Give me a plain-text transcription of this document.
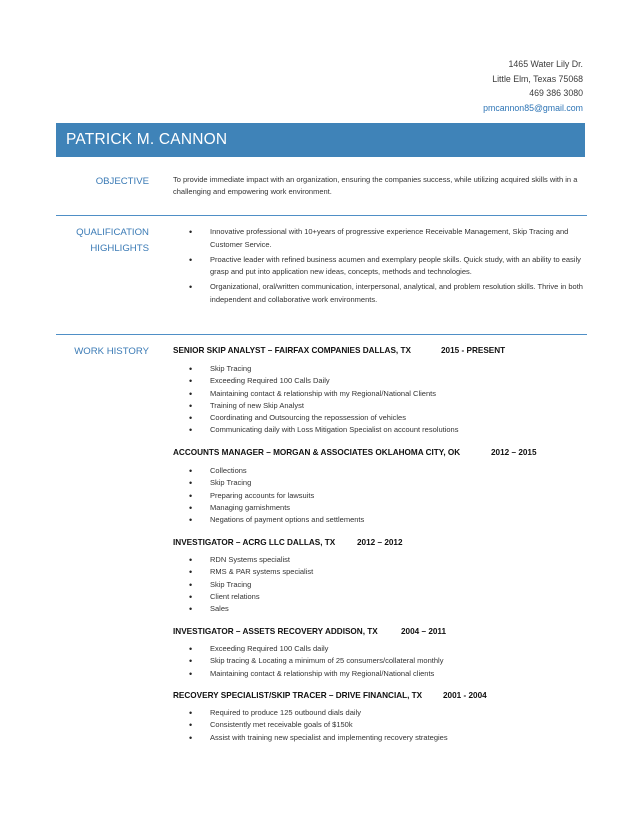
1465 Water Lily Dr.
Little Elm, Texas 75068
469 386 3080
pmcannon85@gmail.com
PATRICK M. CANNON
OBJECTIVE	To provide immediate impact with an organization, ensuring the companies success, while utilizing acquired skills with in a challenging and empowering work environment.
QUALIFICATION
HIGHLIGHTS
• Innovative professional with 10+years of progressive experience Receivable Management, Skip Tracing and Customer Service.
• Proactive leader with refined business acumen and exemplary people skills. Quick study, with an ability to easily grasp and put into application new ideas, concepts, methods and technologies.
• Organizational, oral/written communication, interpersonal, analytical, and problem resolution skills. Thrive in both independent and collaborative work environments.
WORK HISTORY	SENIOR SKIP ANALYST – FAIRFAX COMPANIES DALLAS, TX	2015 - PRESENT
• Skip Tracing
• Exceeding Required 100 Calls Daily
• Maintaining contact & relationship with my Regional/National Clients
• Training of new Skip Analyst
• Coordinating and Outsourcing the repossession of vehicles
• Communicating daily with Loss Mitigation Specialist on account resolutions
ACCOUNTS MANAGER – MORGAN & ASSOCIATES OKLAHOMA CITY, OK	2012 – 2015
• Collections
• Skip Tracing
• Preparing accounts for lawsuits
• Managing garnishments
• Negations of payment options and settlements
INVESTIGATOR – ACRG LLC DALLAS, TX	2012 – 2012
• RDN Systems specialist
• RMS & PAR systems specialist
• Skip Tracing
• Client relations
• Sales
INVESTIGATOR – ASSETS RECOVERY ADDISON, TX	2004 – 2011
• Exceeding Required 100 Calls daily
• Skip tracing & Locating a minimum of 25 consumers/collateral monthly
• Maintaining contact & relationship with my Regional/National clients
RECOVERY SPECIALIST/SKIP TRACER – DRIVE FINANCIAL, TX	2001 - 2004
• Required to produce 125 outbound dials daily
• Consistently met receivable goals of $150k
• Assist with training new specialist and implementing recovery strategies
